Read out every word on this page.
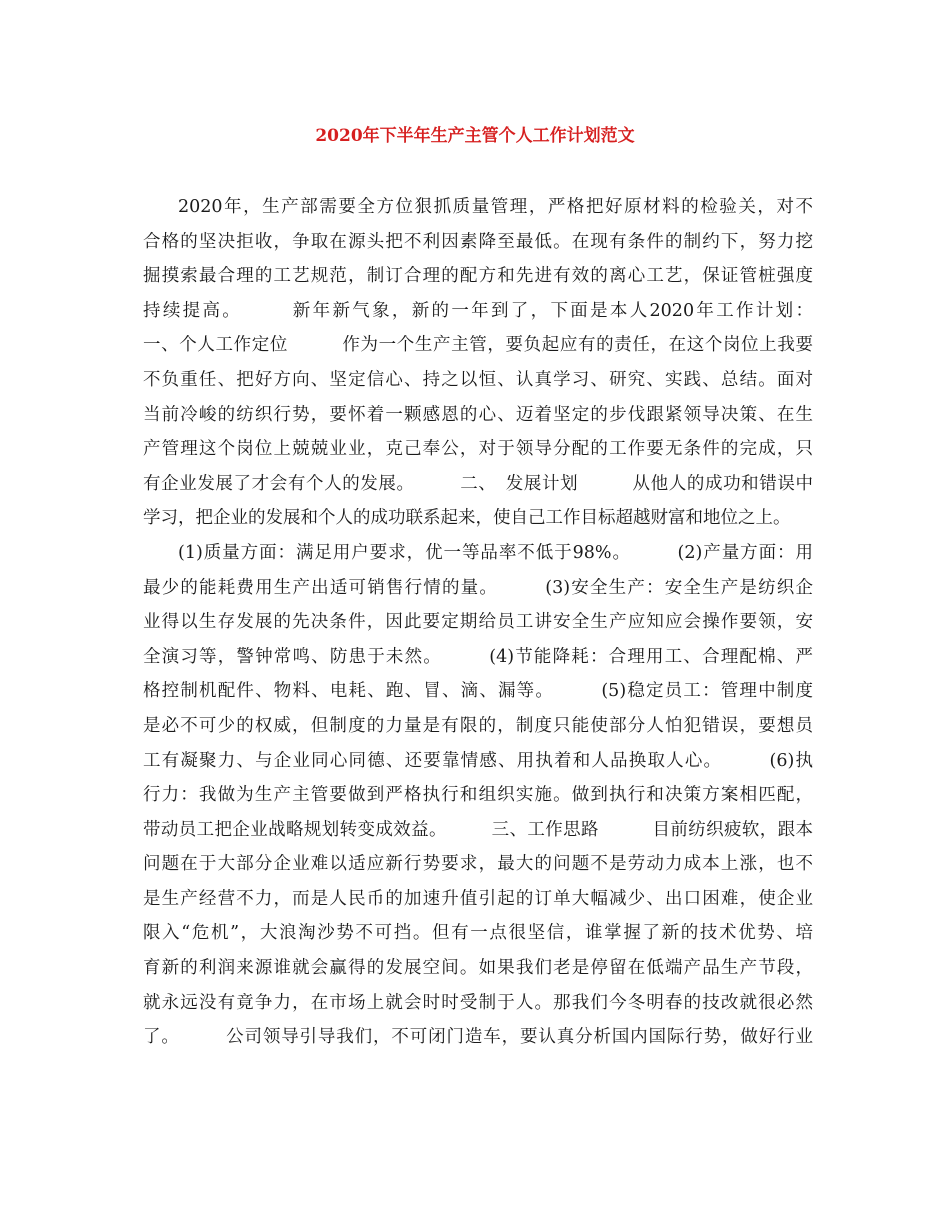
2020年下半年生产主管个人工作计划范文
2020年，生产部需要全方位狠抓质量管理，严格把好原材料的检验关，对不
合格的坚决拒收，争取在源头把不利因素降至最低。在现有条件的制约下，努力挖
掘摸索最合理的工艺规范，制订合理的配方和先进有效的离心工艺，保证管桩强度
持续提高。　　　新年新气象，新的一年到了，下面是本人2020年工作计划：
一、个人工作定位　　　作为一个生产主管，要负起应有的责任，在这个岗位上我要
不负重任、把好方向、坚定信心、持之以恒、认真学习、研究、实践、总结。面对
当前冷峻的纺织行势，要怀着一颗感恩的心、迈着坚定的步伐跟紧领导决策、在生
产管理这个岗位上兢兢业业，克己奉公，对于领导分配的工作要无条件的完成，只
有企业发展了才会有个人的发展。　　　二、　发展计划　　　从他人的成功和错误中
学习，把企业的发展和个人的成功联系起来，使自己工作目标超越财富和地位之上。
(1)质量方面：满足用户要求，优一等品率不低于98%。　　　(2)产量方面：用
最少的能耗费用生产出适可销售行情的量。　　　(3)安全生产：安全生产是纺织企
业得以生存发展的先决条件，因此要定期给员工讲安全生产应知应会操作要领，安
全演习等，警钟常鸣、防患于未然。　　　(4)节能降耗：合理用工、合理配棉、严
格控制机配件、物料、电耗、跑、冒、滴、漏等。　　　(5)稳定员工：管理中制度
是必不可少的权威，但制度的力量是有限的，制度只能使部分人怕犯错误，要想员
工有凝聚力、与企业同心同德、还要靠情感、用执着和人品换取人心。　　　(6)执
行力：我做为生产主管要做到严格执行和组织实施。做到执行和决策方案相匹配，
带动员工把企业战略规划转变成效益。　　　三、工作思路　　　目前纺织疲软，跟本
问题在于大部分企业难以适应新行势要求，最大的问题不是劳动力成本上涨，也不
是生产经营不力，而是人民币的加速升值引起的订单大幅减少、出口困难，使企业
限入“危机”，大浪淘沙势不可挡。但有一点很坚信，谁掌握了新的技术优势、培
育新的利润来源谁就会赢得的发展空间。如果我们老是停留在低端产品生产节段，
就永远没有竟争力，在市场上就会时时受制于人。那我们今冬明春的技改就很必然
了。　　　公司领导引导我们，不可闭门造车，要认真分析国内国际行势，做好行业
